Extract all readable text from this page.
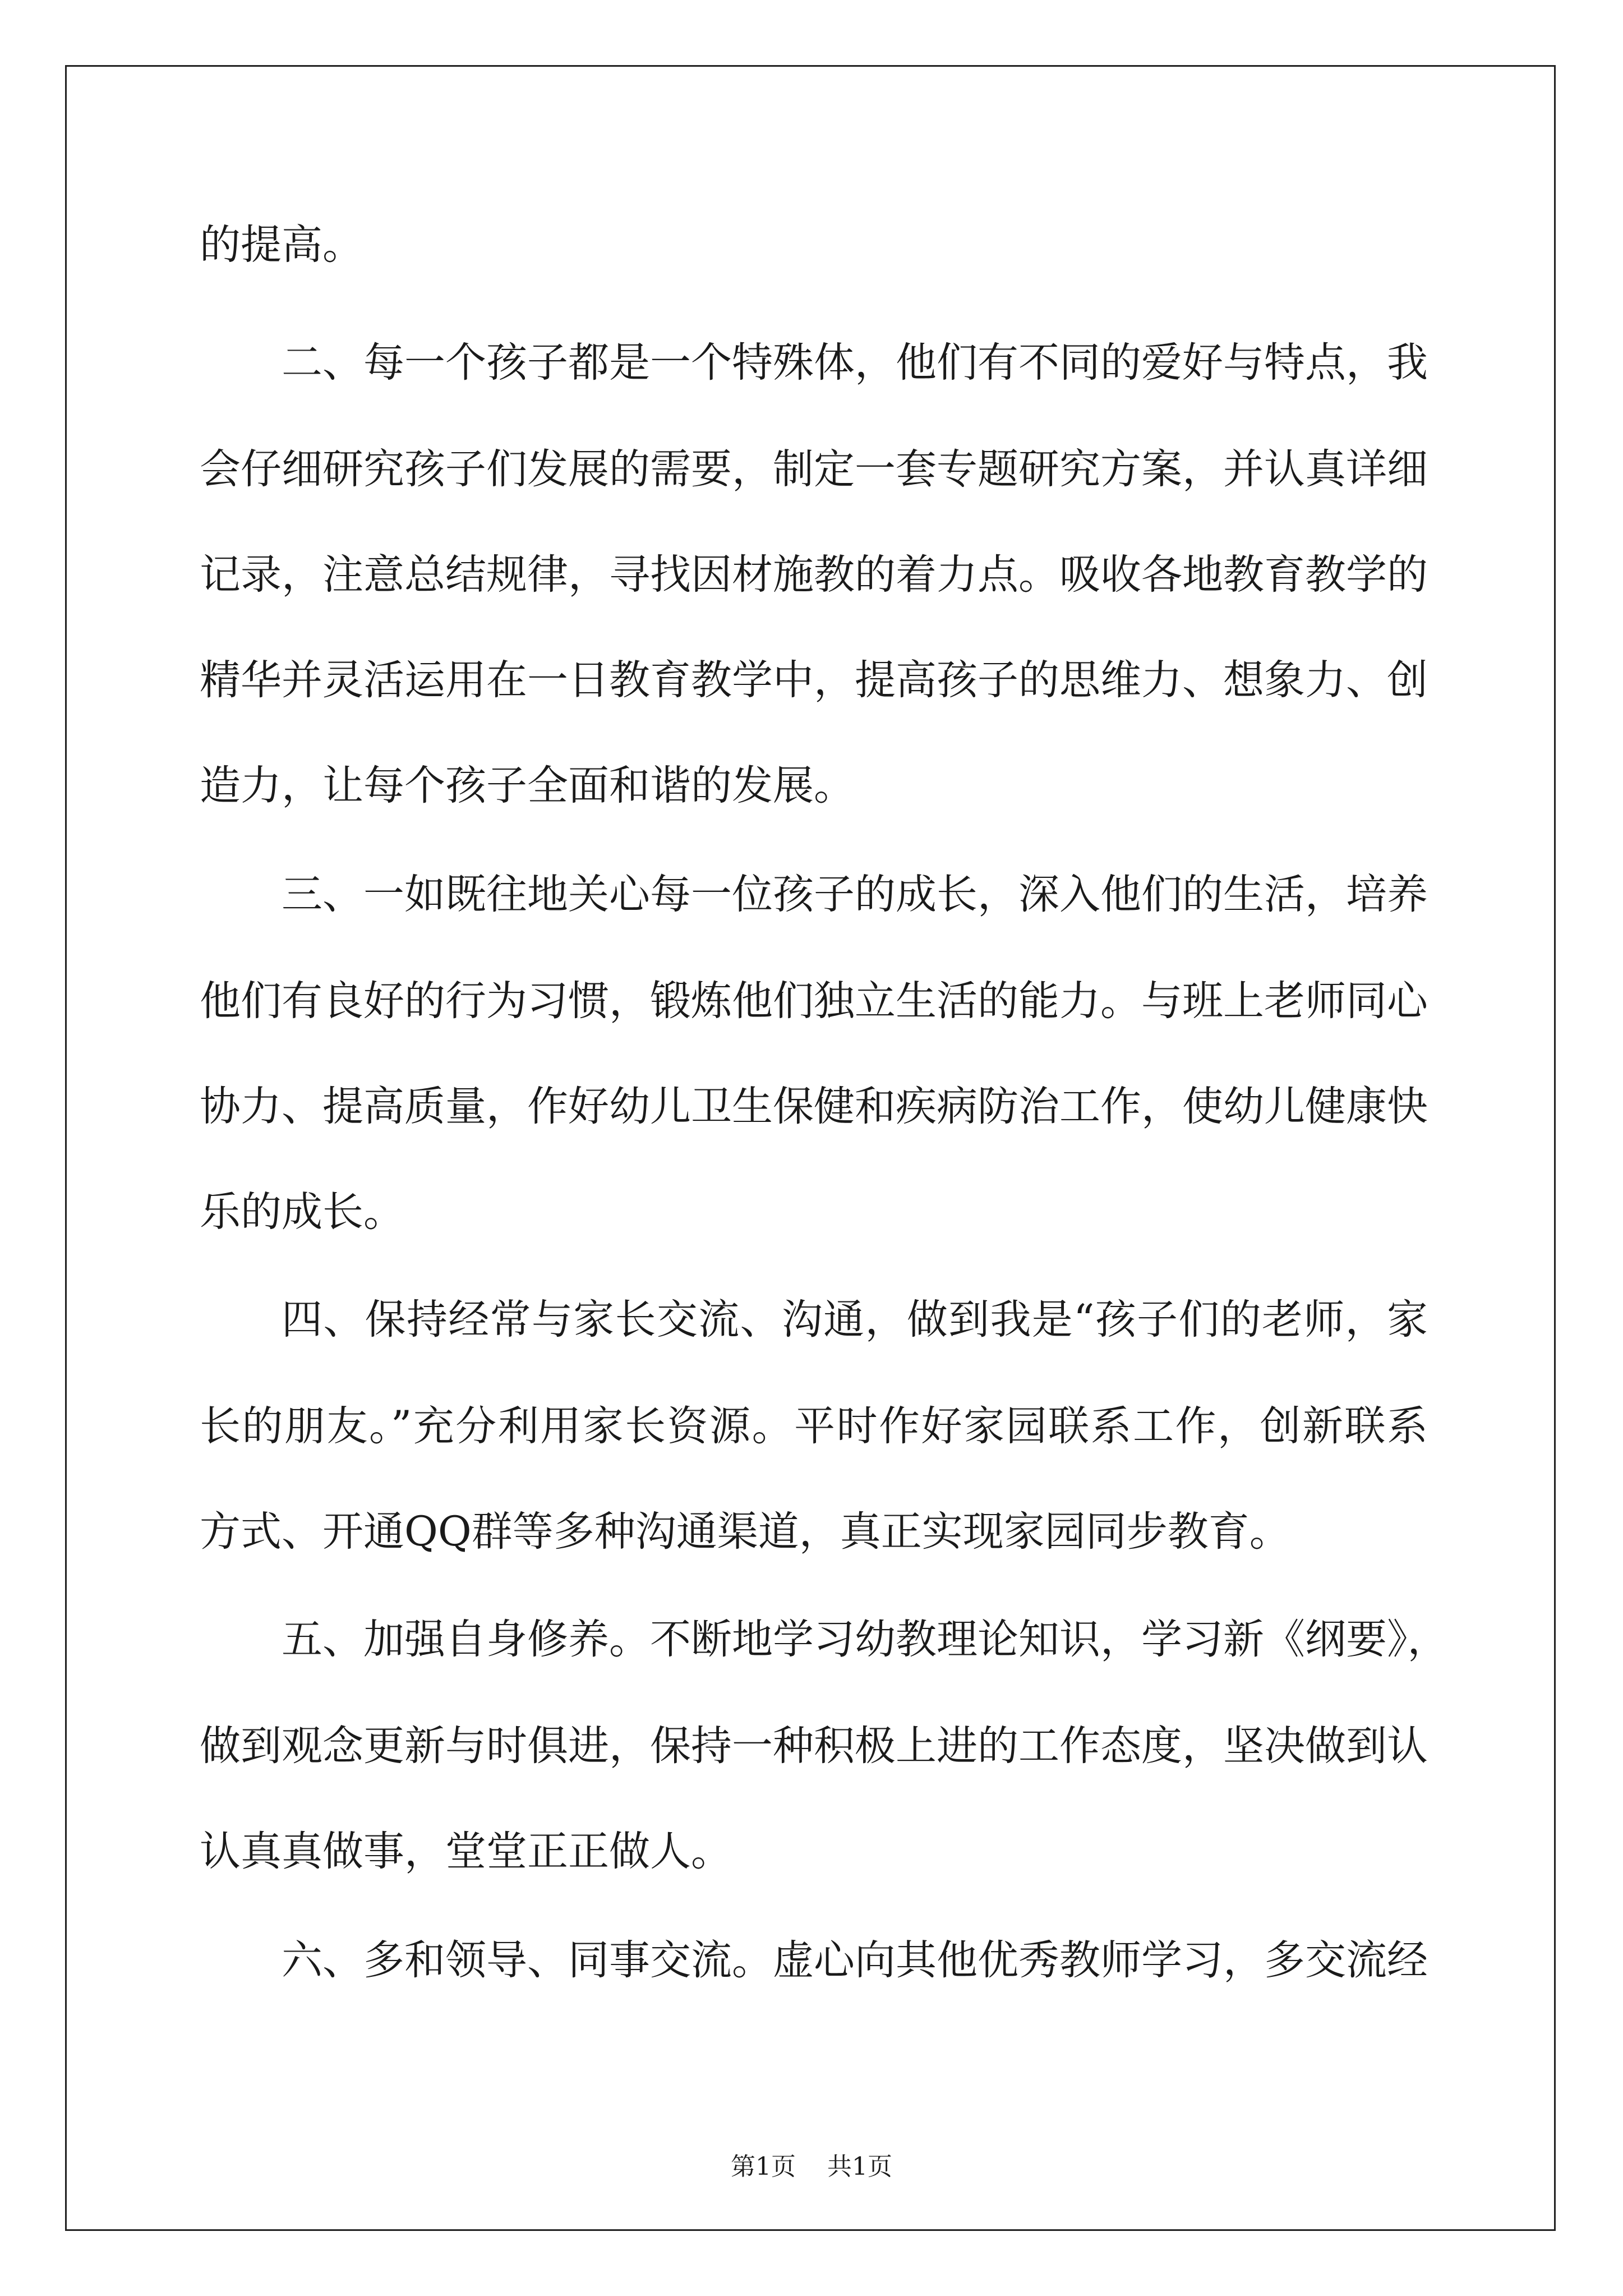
的提高。
二、每一个孩子都是一个特殊体，他们有不同的爱好与特点，我
会仔细研究孩子们发展的需要，制定一套专题研究方案，并认真详细
记录，注意总结规律，寻找因材施教的着力点。吸收各地教育教学的
精华并灵活运用在一日教育教学中，提高孩子的思维力、想象力、创
造力，让每个孩子全面和谐的发展。
三、一如既往地关心每一位孩子的成长，深入他们的生活，培养
他们有良好的行为习惯，锻炼他们独立生活的能力。与班上老师同心
协力、提高质量，作好幼儿卫生保健和疾病防治工作，使幼儿健康快
乐的成长。
四、保持经常与家长交流、沟通，做到我是“孩子们的老师，家
长的朋友。”充分利用家长资源。平时作好家园联系工作，创新联系
方式、开通QQ群等多种沟通渠道，真正实现家园同步教育。
五、加强自身修养。不断地学习幼教理论知识，学习新《纲要》，
做到观念更新与时俱进，保持一种积极上进的工作态度，坚决做到认
认真真做事，堂堂正正做人。
六、多和领导、同事交流。虚心向其他优秀教师学习，多交流经
第1页 共1页
